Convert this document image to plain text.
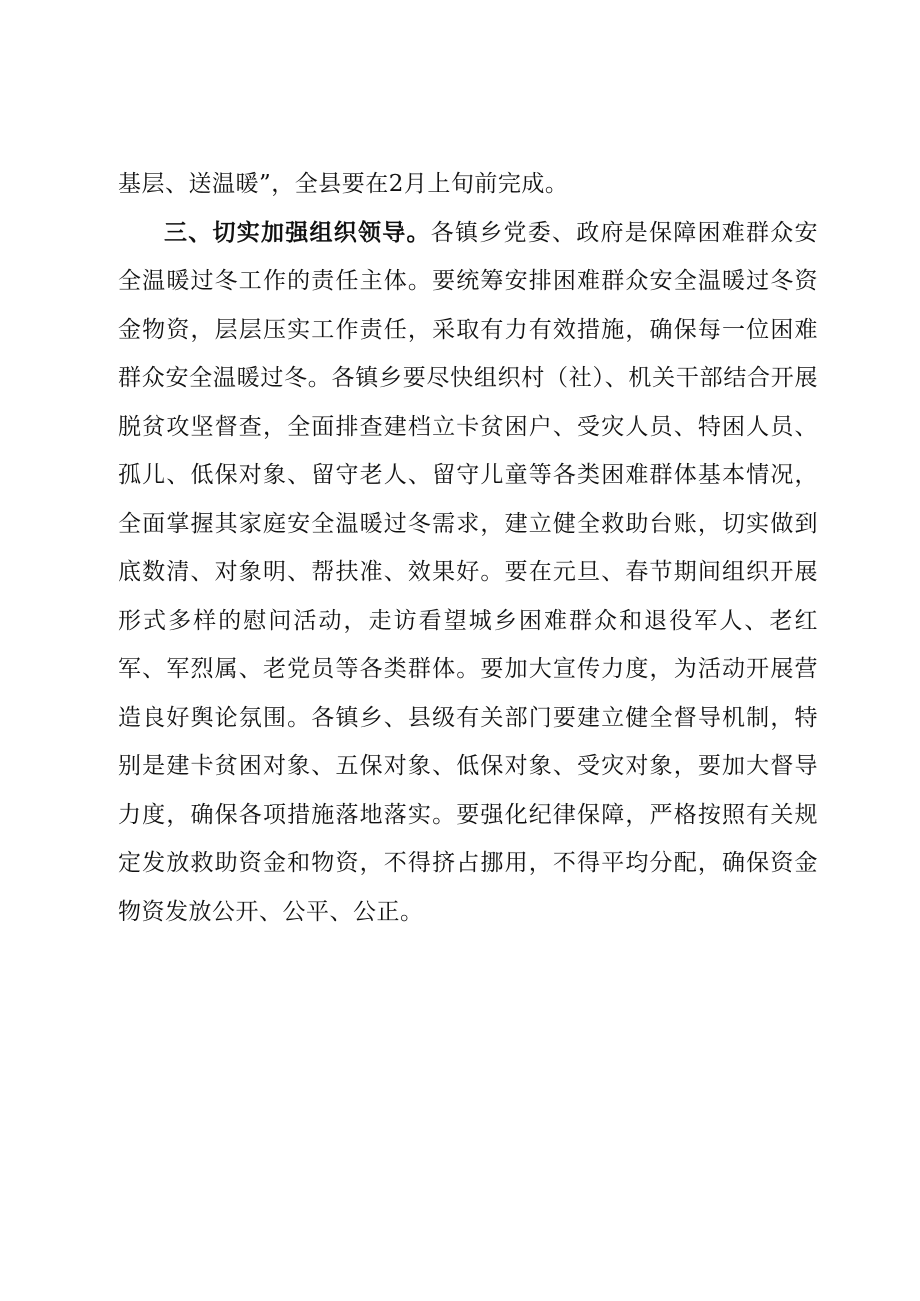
基层、送温暖”，全县要在2月上旬前完成。

三、切实加强组织领导。各镇乡党委、政府是保障困难群众安全温暖过冬工作的责任主体。要统筹安排困难群众安全温暖过冬资金物资，层层压实工作责任，采取有力有效措施，确保每一位困难群众安全温暖过冬。各镇乡要尽快组织村（社）、机关干部结合开展脱贫攻坚督查，全面排查建档立卡贫困户、受灾人员、特困人员、孤儿、低保对象、留守老人、留守儿童等各类困难群体基本情况，全面掌握其家庭安全温暖过冬需求，建立健全救助台账，切实做到底数清、对象明、帮扶准、效果好。要在元旦、春节期间组织开展形式多样的慰问活动，走访看望城乡困难群众和退役军人、老红军、军烈属、老党员等各类群体。要加大宣传力度，为活动开展营造良好舆论氛围。各镇乡、县级有关部门要建立健全督导机制，特别是建卡贫困对象、五保对象、低保对象、受灾对象，要加大督导力度，确保各项措施落地落实。要强化纪律保障，严格按照有关规定发放救助资金和物资，不得挤占挪用，不得平均分配，确保资金物资发放公开、公平、公正。
